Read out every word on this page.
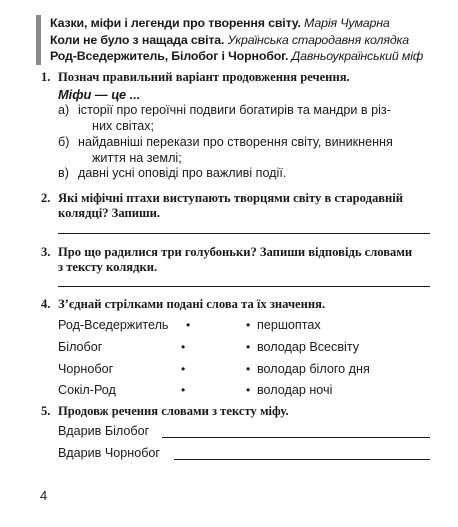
Казки, міфи і легенди про творення світу. Марія Чумарна
Коли не було з нащада світа. Українська стародавня колядка
Род-Вседержитель, Білобог і Чорнобог. Давньоукраїнський міф
1. Познач правильний варіант продовження речення.
Міфи — це ...
а) історії про героїчні подвиги богатирів та мандри в різ-
них світах;
б) найдавніші перекази про створення світу, виникнення
життя на землі;
в) давні усні оповіді про важливі події.
2. Які міфічні птахи виступають творцями світу в стародавній
колядці? Запиши.
3. Про що радилися три голубоньки? Запиши відповідь словами
з тексту колядки.
4. З’єднай стрілками подані слова та їх значення.
Род-Вседержитель •	• першоптах
Білобог	•	• володар Всесвіту
Чорнобог	•	• володар білого дня
Сокіл-Род	•	• володар ночі
5. Продовж речення словами з тексту міфу.
Вдарив Білобог
Вдарив Чорнобог
4
